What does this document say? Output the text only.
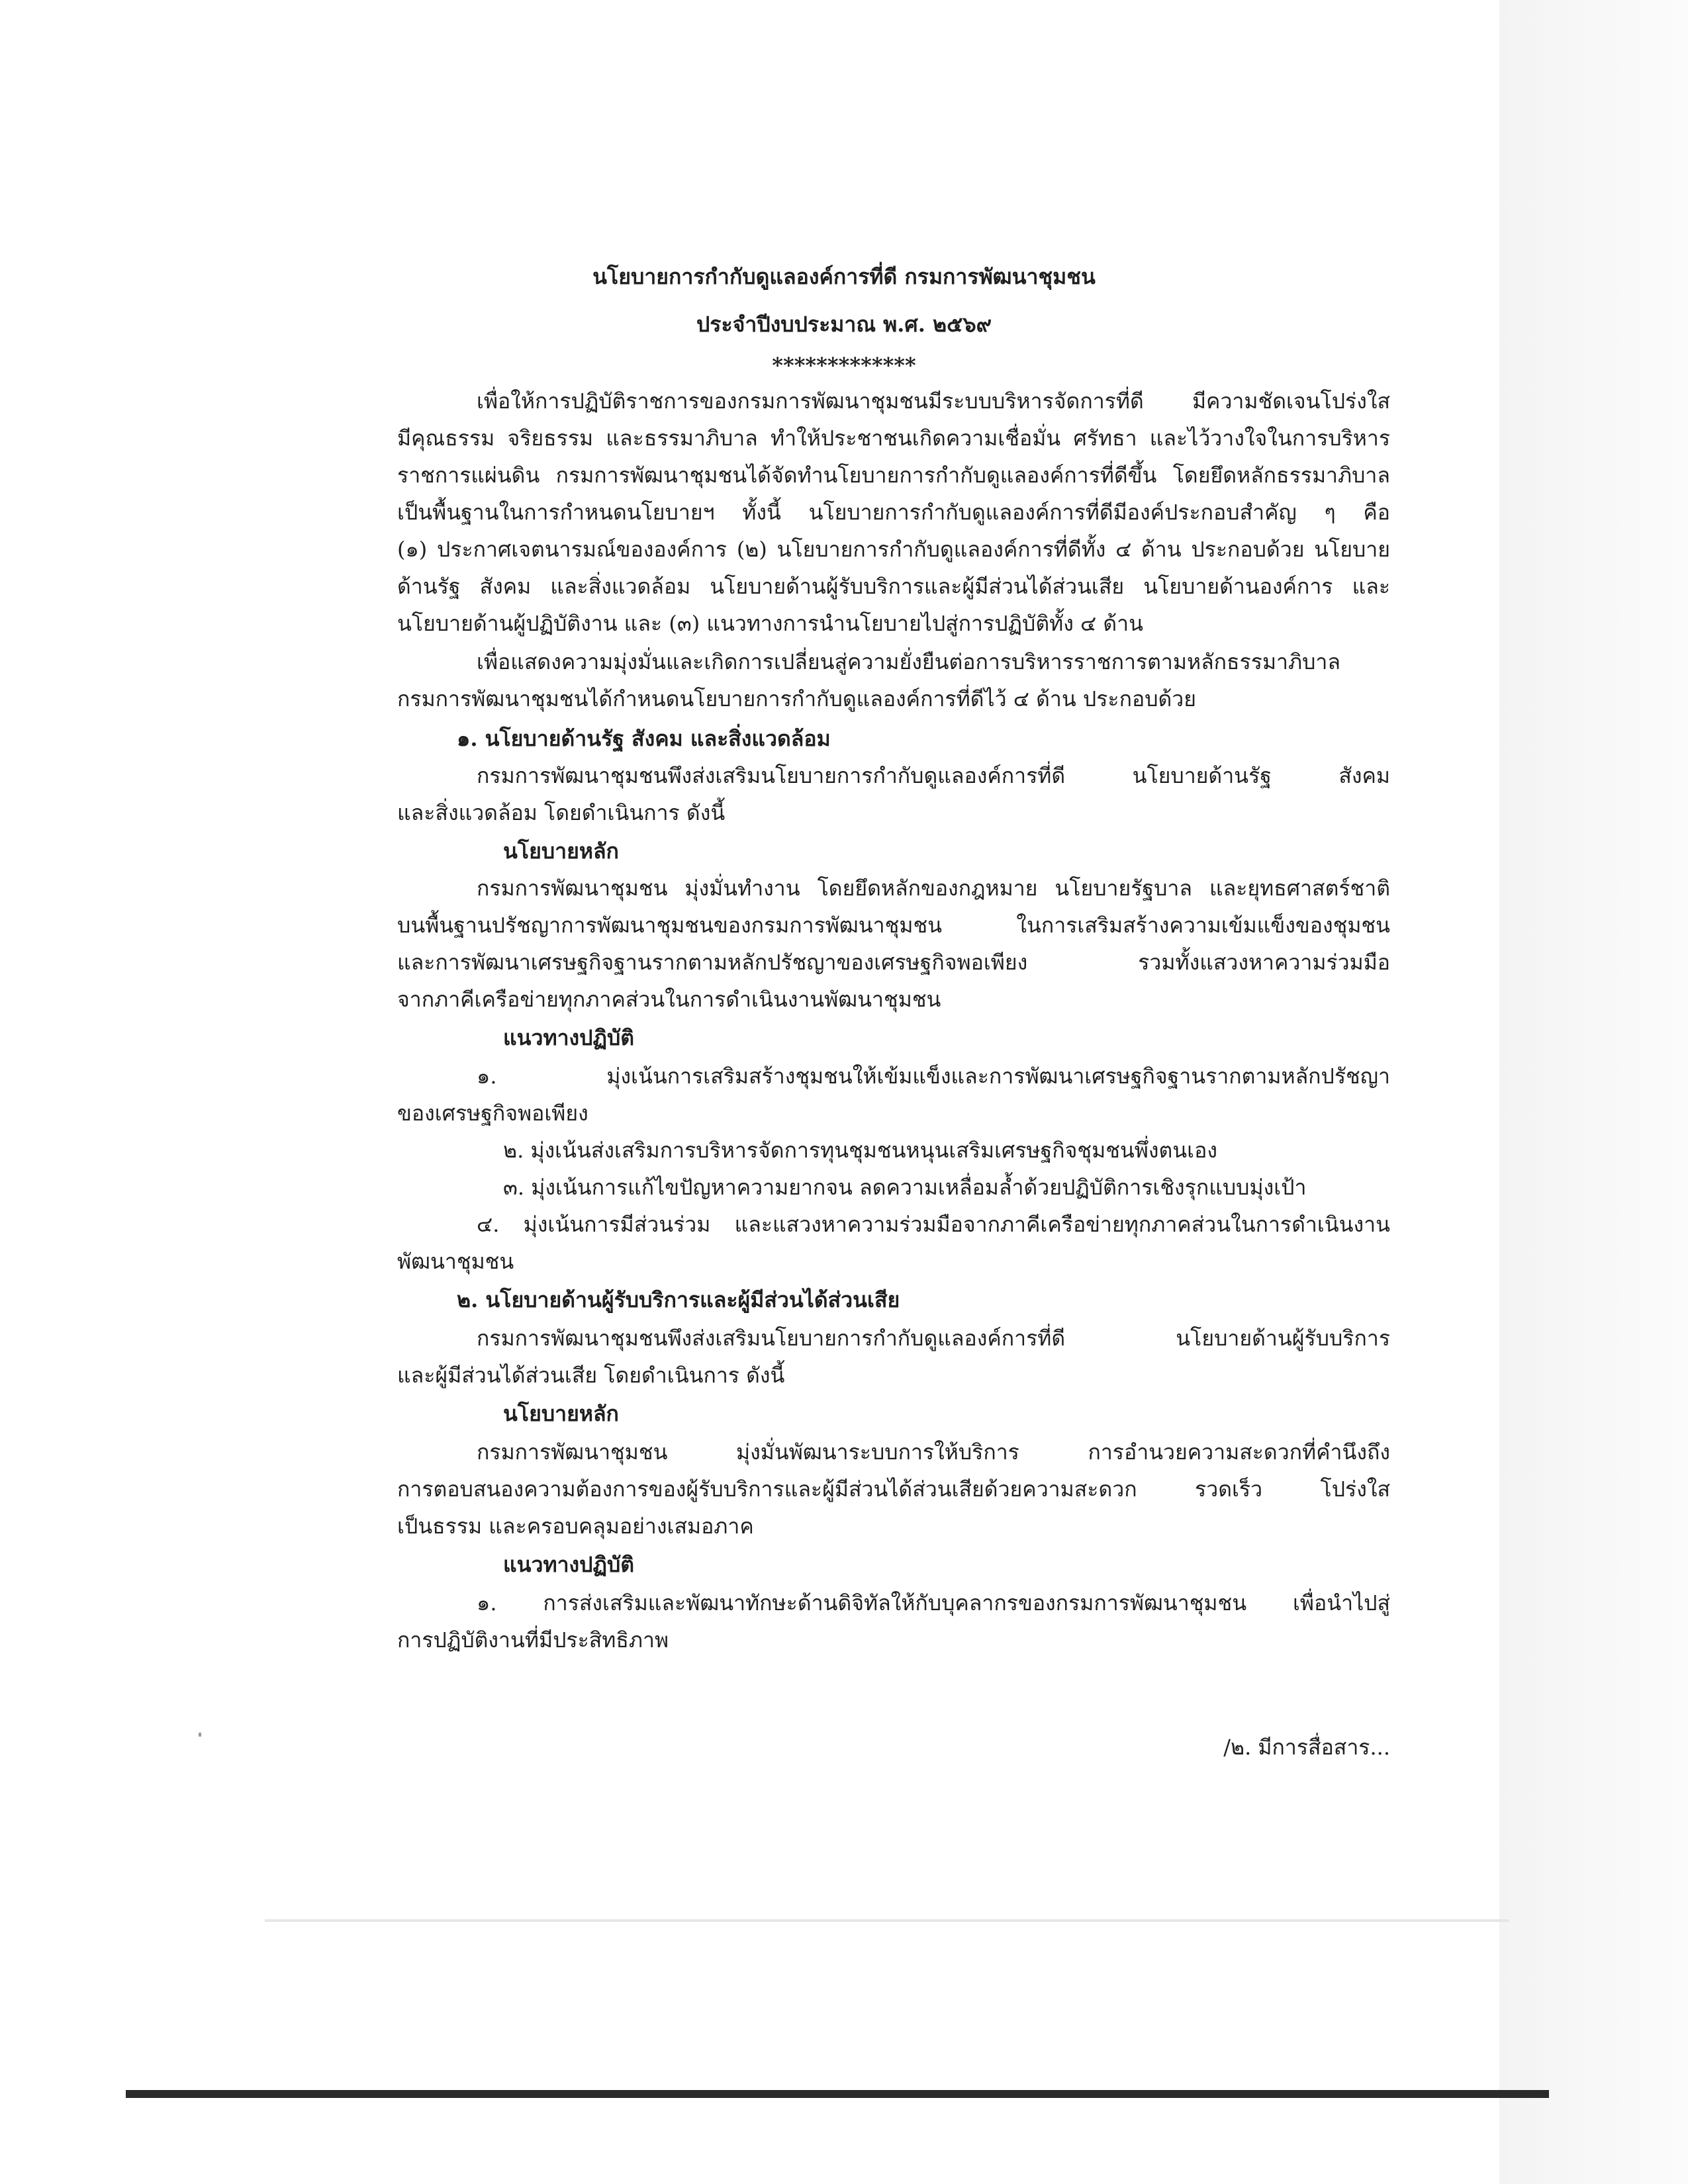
นโยบายการกำกับดูแลองค์การที่ดี กรมการพัฒนาชุมชน
ประจำปีงบประมาณ พ.ศ. ๒๕๖๙
*************
เพื่อให้การปฏิบัติราชการของกรมการพัฒนาชุมชนมีระบบบริหารจัดการที่ดี มีความชัดเจนโปร่งใส
มีคุณธรรม จริยธรรม และธรรมาภิบาล ทำให้ประชาชนเกิดความเชื่อมั่น ศรัทธา และไว้วางใจในการบริหาร
ราชการแผ่นดิน กรมการพัฒนาชุมชนได้จัดทำนโยบายการกำกับดูแลองค์การที่ดีขึ้น โดยยึดหลักธรรมาภิบาล
เป็นพื้นฐานในการกำหนดนโยบายฯ ทั้งนี้ นโยบายการกำกับดูแลองค์การที่ดีมีองค์ประกอบสำคัญ ๆ คือ
(๑) ประกาศเจตนารมณ์ขององค์การ (๒) นโยบายการกำกับดูแลองค์การที่ดีทั้ง ๔ ด้าน ประกอบด้วย นโยบาย
ด้านรัฐ สังคม และสิ่งแวดล้อม นโยบายด้านผู้รับบริการและผู้มีส่วนได้ส่วนเสีย นโยบายด้านองค์การ และ
นโยบายด้านผู้ปฏิบัติงาน และ (๓) แนวทางการนำนโยบายไปสู่การปฏิบัติทั้ง ๔ ด้าน
เพื่อแสดงความมุ่งมั่นและเกิดการเปลี่ยนสู่ความยั่งยืนต่อการบริหารราชการตามหลักธรรมาภิบาล
กรมการพัฒนาชุมชนได้กำหนดนโยบายการกำกับดูแลองค์การที่ดีไว้ ๔ ด้าน ประกอบด้วย
๑. นโยบายด้านรัฐ สังคม และสิ่งแวดล้อม
กรมการพัฒนาชุมชนพึงส่งเสริมนโยบายการกำกับดูแลองค์การที่ดี นโยบายด้านรัฐ สังคม
และสิ่งแวดล้อม โดยดำเนินการ ดังนี้
นโยบายหลัก
กรมการพัฒนาชุมชน มุ่งมั่นทำงาน โดยยึดหลักของกฎหมาย นโยบายรัฐบาล และยุทธศาสตร์ชาติ
บนพื้นฐานปรัชญาการพัฒนาชุมชนของกรมการพัฒนาชุมชน ในการเสริมสร้างความเข้มแข็งของชุมชน
และการพัฒนาเศรษฐกิจฐานรากตามหลักปรัชญาของเศรษฐกิจพอเพียง รวมทั้งแสวงหาความร่วมมือ
จากภาคีเครือข่ายทุกภาคส่วนในการดำเนินงานพัฒนาชุมชน
แนวทางปฏิบัติ
๑. มุ่งเน้นการเสริมสร้างชุมชนให้เข้มแข็งและการพัฒนาเศรษฐกิจฐานรากตามหลักปรัชญา
ของเศรษฐกิจพอเพียง
๒. มุ่งเน้นส่งเสริมการบริหารจัดการทุนชุมชนหนุนเสริมเศรษฐกิจชุมชนพึ่งตนเอง
๓. มุ่งเน้นการแก้ไขปัญหาความยากจน ลดความเหลื่อมล้ำด้วยปฏิบัติการเชิงรุกแบบมุ่งเป้า
๔. มุ่งเน้นการมีส่วนร่วม และแสวงหาความร่วมมือจากภาคีเครือข่ายทุกภาคส่วนในการดำเนินงาน
พัฒนาชุมชน
๒. นโยบายด้านผู้รับบริการและผู้มีส่วนได้ส่วนเสีย
กรมการพัฒนาชุมชนพึงส่งเสริมนโยบายการกำกับดูแลองค์การที่ดี นโยบายด้านผู้รับบริการ
และผู้มีส่วนได้ส่วนเสีย โดยดำเนินการ ดังนี้
นโยบายหลัก
กรมการพัฒนาชุมชน มุ่งมั่นพัฒนาระบบการให้บริการ การอำนวยความสะดวกที่คำนึงถึง
การตอบสนองความต้องการของผู้รับบริการและผู้มีส่วนได้ส่วนเสียด้วยความสะดวก รวดเร็ว โปร่งใส
เป็นธรรม และครอบคลุมอย่างเสมอภาค
แนวทางปฏิบัติ
๑. การส่งเสริมและพัฒนาทักษะด้านดิจิทัลให้กับบุคลากรของกรมการพัฒนาชุมชน เพื่อนำไปสู่
การปฏิบัติงานที่มีประสิทธิภาพ
/๒. มีการสื่อสาร...
